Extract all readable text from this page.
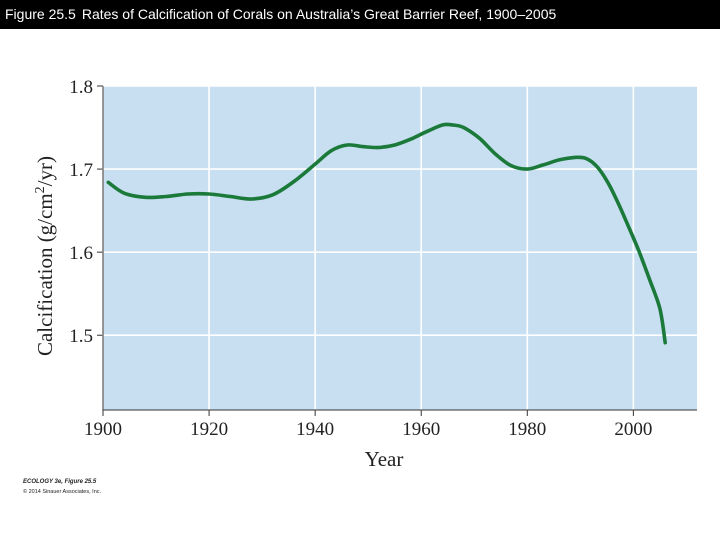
Figure 25.5 Rates of Calcification of Corals on Australia’s Great Barrier Reef, 1900–2005
1.8
1.7
1.6
1.5
1900	1920	1940	1960	1980	2000
Year
Calcification $(g/cm^2/yr)$
ECOLOGY 3e, Figure 25.5
© 2014 Sinauer Associates, Inc.
